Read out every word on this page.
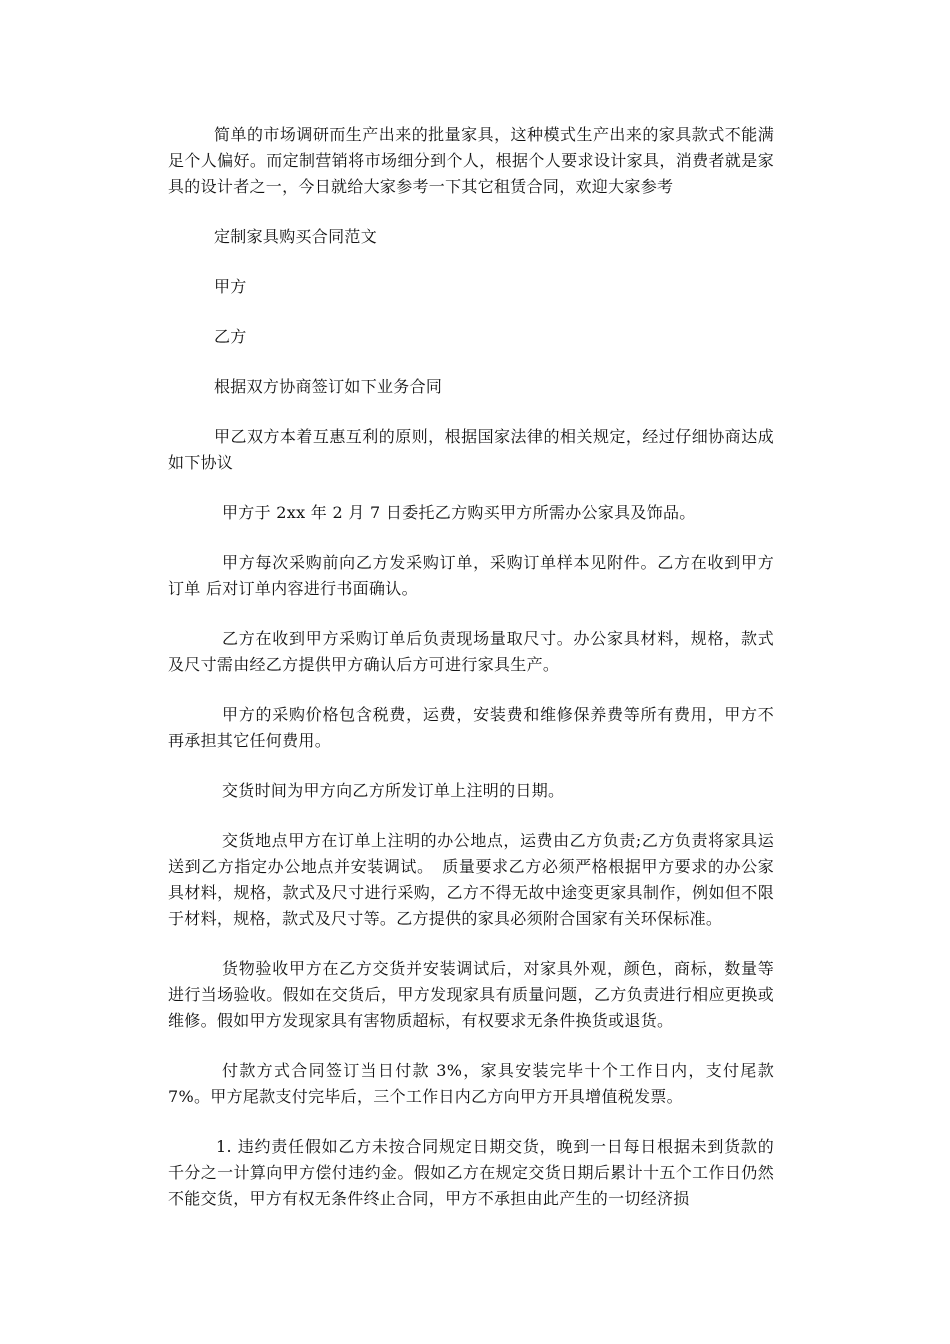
简单的市场调研而生产出来的批量家具，这种模式生产出来的家具款式不能满足个人偏好。而定制营销将市场细分到个人，根据个人要求设计家具，消费者就是家具的设计者之一，今日就给大家参考一下其它租赁合同，欢迎大家参考

定制家具购买合同范文

甲方

乙方

根据双方协商签订如下业务合同

甲乙双方本着互惠互利的原则，根据国家法律的相关规定，经过仔细协商达成如下协议

甲方于 2xx 年 2 月 7 日委托乙方购买甲方所需办公家具及饰品。

甲方每次采购前向乙方发采购订单，采购订单样本见附件。乙方在收到甲方订单 后对订单内容进行书面确认。

乙方在收到甲方采购订单后负责现场量取尺寸。办公家具材料，规格，款式及尺寸需由经乙方提供甲方确认后方可进行家具生产。

甲方的采购价格包含税费，运费，安装费和维修保养费等所有费用，甲方不再承担其它任何费用。

交货时间为甲方向乙方所发订单上注明的日期。

交货地点甲方在订单上注明的办公地点，运费由乙方负责;乙方负责将家具运送到乙方指定办公地点并安装调试。　质量要求乙方必须严格根据甲方要求的办公家具材料，规格，款式及尺寸进行采购，乙方不得无故中途变更家具制作，例如但不限于材料，规格，款式及尺寸等。乙方提供的家具必须附合国家有关环保标准。

货物验收甲方在乙方交货并安装调试后，对家具外观，颜色，商标，数量等进行当场验收。假如在交货后，甲方发现家具有质量问题，乙方负责进行相应更换或维修。假如甲方发现家具有害物质超标，有权要求无条件换货或退货。

付款方式合同签订当日付款 3%，家具安装完毕十个工作日内，支付尾款 7%。甲方尾款支付完毕后，三个工作日内乙方向甲方开具增值税发票。

1. 违约责任假如乙方未按合同规定日期交货，晚到一日每日根据未到货款的千分之一计算向甲方偿付违约金。假如乙方在规定交货日期后累计十五个工作日仍然不能交货，甲方有权无条件终止合同，甲方不承担由此产生的一切经济损
